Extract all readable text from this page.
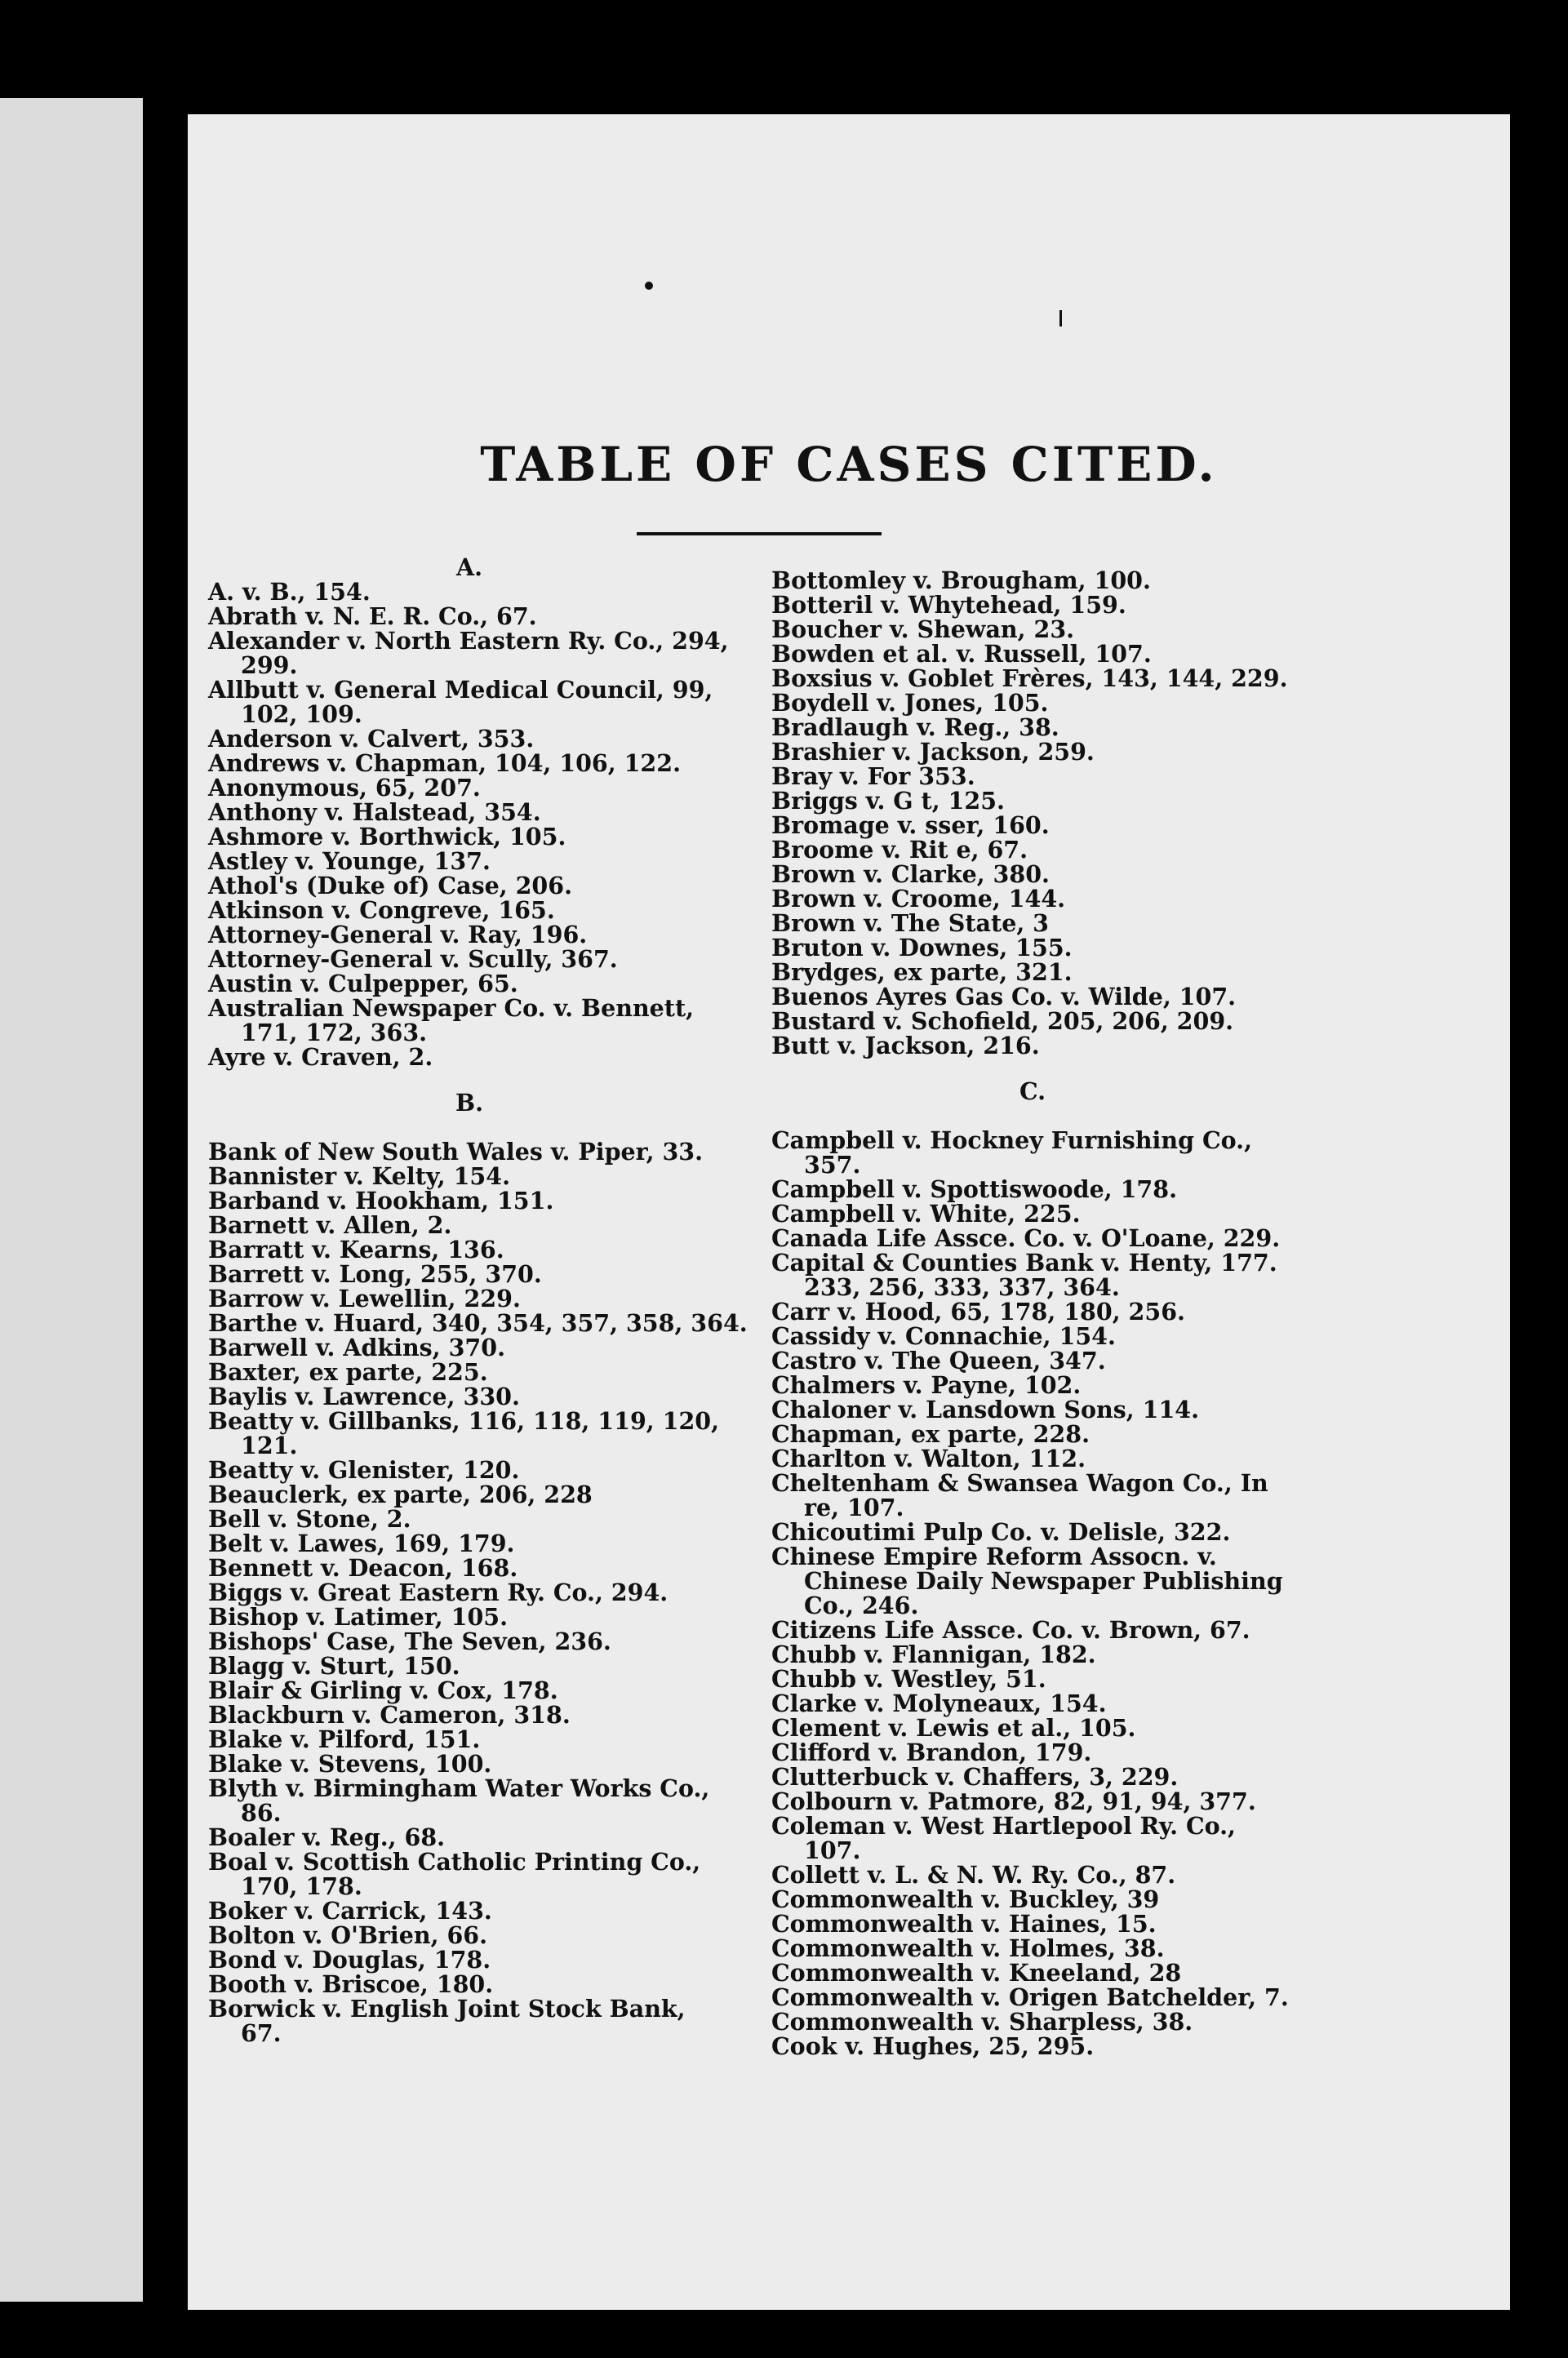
TABLE OF CASES CITED.

A.

A. v. B., 154.

Abrath v. N. E. R. Co., 67.

Alexander v. North Eastern Ry. Co., 294,

299.

Allbutt v. General Medical Council, 99,

102, 109.

Anderson v. Calvert, 353.

Andrews v. Chapman, 104, 106, 122.

Anonymous, 65, 207.

Anthony v. Halstead, 354.

Ashmore v. Borthwick, 105.

Astley v. Younge, 137.

Athol's (Duke of) Case, 206.

Atkinson v. Congreve, 165.

Attorney-General v. Ray, 196.

Attorney-General v. Scully, 367.

Austin v. Culpepper, 65.

Australian Newspaper Co. v. Bennett,

171, 172, 363.

Ayre v. Craven, 2.

B.

Bank of New South Wales v. Piper, 33.

Bannister v. Kelty, 154.

Barband v. Hookham, 151.

Barnett v. Allen, 2.

Barratt v. Kearns, 136.

Barrett v. Long, 255, 370.

Barrow v. Lewellin, 229.

Barthe v. Huard, 340, 354, 357, 358, 364.

Barwell v. Adkins, 370.

Baxter, ex parte, 225.

Baylis v. Lawrence, 330.

Beatty v. Gillbanks, 116, 118, 119, 120,

121.

Beatty v. Glenister, 120.

Beauclerk, ex parte, 206, 228

Bell v. Stone, 2.

Belt v. Lawes, 169, 179.

Bennett v. Deacon, 168.

Biggs v. Great Eastern Ry. Co., 294.

Bishop v. Latimer, 105.

Bishops' Case, The Seven, 236.

Blagg v. Sturt, 150.

Blair & Girling v. Cox, 178.

Blackburn v. Cameron, 318.

Blake v. Pilford, 151.

Blake v. Stevens, 100.

Blyth v. Birmingham Water Works Co.,

86.

Boaler v. Reg., 68.

Boal v. Scottish Catholic Printing Co.,

170, 178.

Boker v. Carrick, 143.

Bolton v. O'Brien, 66.

Bond v. Douglas, 178.

Booth v. Briscoe, 180.

Borwick v. English Joint Stock Bank,

67.

Bottomley v. Brougham, 100.

Botteril v. Whytehead, 159.

Boucher v. Shewan, 23.

Bowden et al. v. Russell, 107.

Boxsius v. Goblet Frères, 143, 144, 229.

Boydell v. Jones, 105.

Bradlaugh v. Reg., 38.

Brashier v. Jackson, 259.

Bray v. For⁠ 353.

Briggs v. G t, 125.

Bromage v. sser, 160.

Broome v. Rit e, 67.

Brown v. Clarke, 380.

Brown v. Croome, 144.

Brown v. The State, 3

Bruton v. Downes, 155.

Brydges, ex parte, 321.

Buenos Ayres Gas Co. v. Wilde, 107.

Bustard v. Schofield, 205, 206, 209.

Butt v. Jackson, 216.

C.

Campbell v. Hockney Furnishing Co.,

357.

Campbell v. Spottiswoode, 178.

Campbell v. White, 225.

Canada Life Assce. Co. v. O'Loane, 229.

Capital & Counties Bank v. Henty, 177.

233, 256, 333, 337, 364.

Carr v. Hood, 65, 178, 180, 256.

Cassidy v. Connachie, 154.

Castro v. The Queen, 347.

Chalmers v. Payne, 102.

Chaloner v. Lansdown Sons, 114.

Chapman, ex parte, 228.

Charlton v. Walton, 112.

Cheltenham & Swansea Wagon Co., In

re, 107.

Chicoutimi Pulp Co. v. Delisle, 322.

Chinese Empire Reform Assocn. v.

Chinese Daily Newspaper Publishing

Co., 246.

Citizens Life Assce. Co. v. Brown, 67.

Chubb v. Flannigan, 182.

Chubb v. Westley, 51.

Clarke v. Molyneaux, 154.

Clement v. Lewis et al., 105.

Clifford v. Brandon, 179.

Clutterbuck v. Chaffers, 3, 229.

Colbourn v. Patmore, 82, 91, 94, 377.

Coleman v. West Hartlepool Ry. Co.,

107.

Collett v. L. & N. W. Ry. Co., 87.

Commonwealth v. Buckley, 39

Commonwealth v. Haines, 15.

Commonwealth v. Holmes, 38.

Commonwealth v. Kneeland, 28

Commonwealth v. Origen Batchelder, 7.

Commonwealth v. Sharpless, 38.

Cook v. Hughes, 25, 295.
